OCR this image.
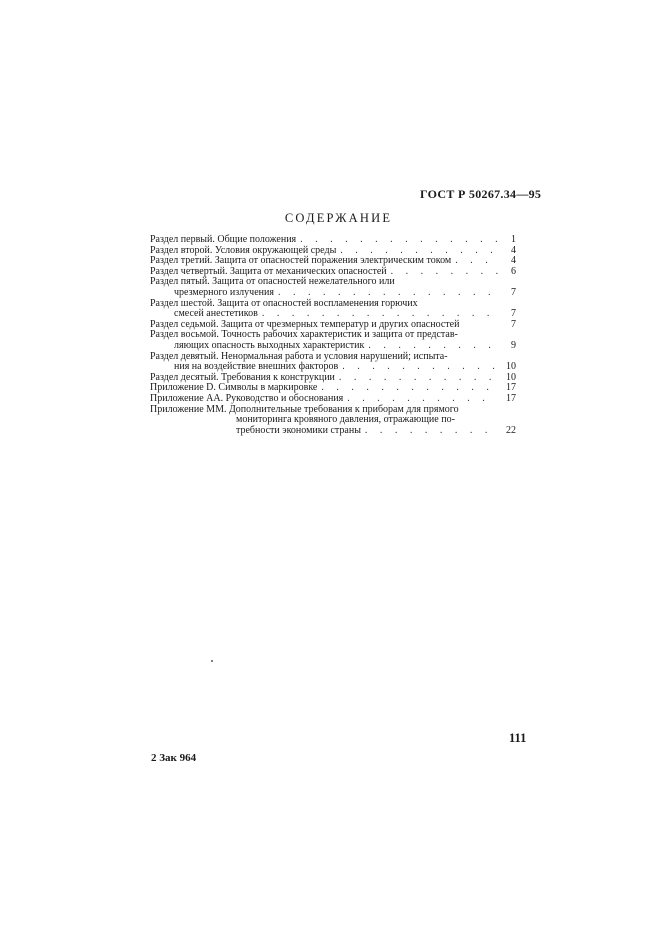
ГОСТ Р 50267.34—95
СОДЕРЖАНИЕ
Раздел первый. Общие положения . . .	1
Раздел второй. Условия окружающей среды . . .	4
Раздел третий. Защита от опасностей поражения электрическим током . . .	4
Раздел четвертый. Защита от механических опасностей . . .	6
Раздел пятый. Защита от опасностей нежелательного или
чрезмерного излучения . . .	7
Раздел шестой. Защита от опасностей воспламенения горючих
смесей анестетиков . . .	7
Раздел седьмой. Защита от чрезмерных температур и других опасностей	7
Раздел восьмой. Точность рабочих характеристик и защита от представ-
ляющих опасность выходных характеристик . . .	9
Раздел девятый. Ненормальная работа и условия нарушений; испыта-
ния на воздействие внешних факторов . . .	10
Раздел десятый. Требования к конструкции . . .	10
Приложение D. Символы в маркировке . . .	17
Приложение АА. Руководство и обоснования . . .	17
Приложение ММ. Дополнительные требования к приборам для прямого
мониторинга кровяного давления, отражающие по-
требности экономики страны . . .	22
111
2 Зак 964
